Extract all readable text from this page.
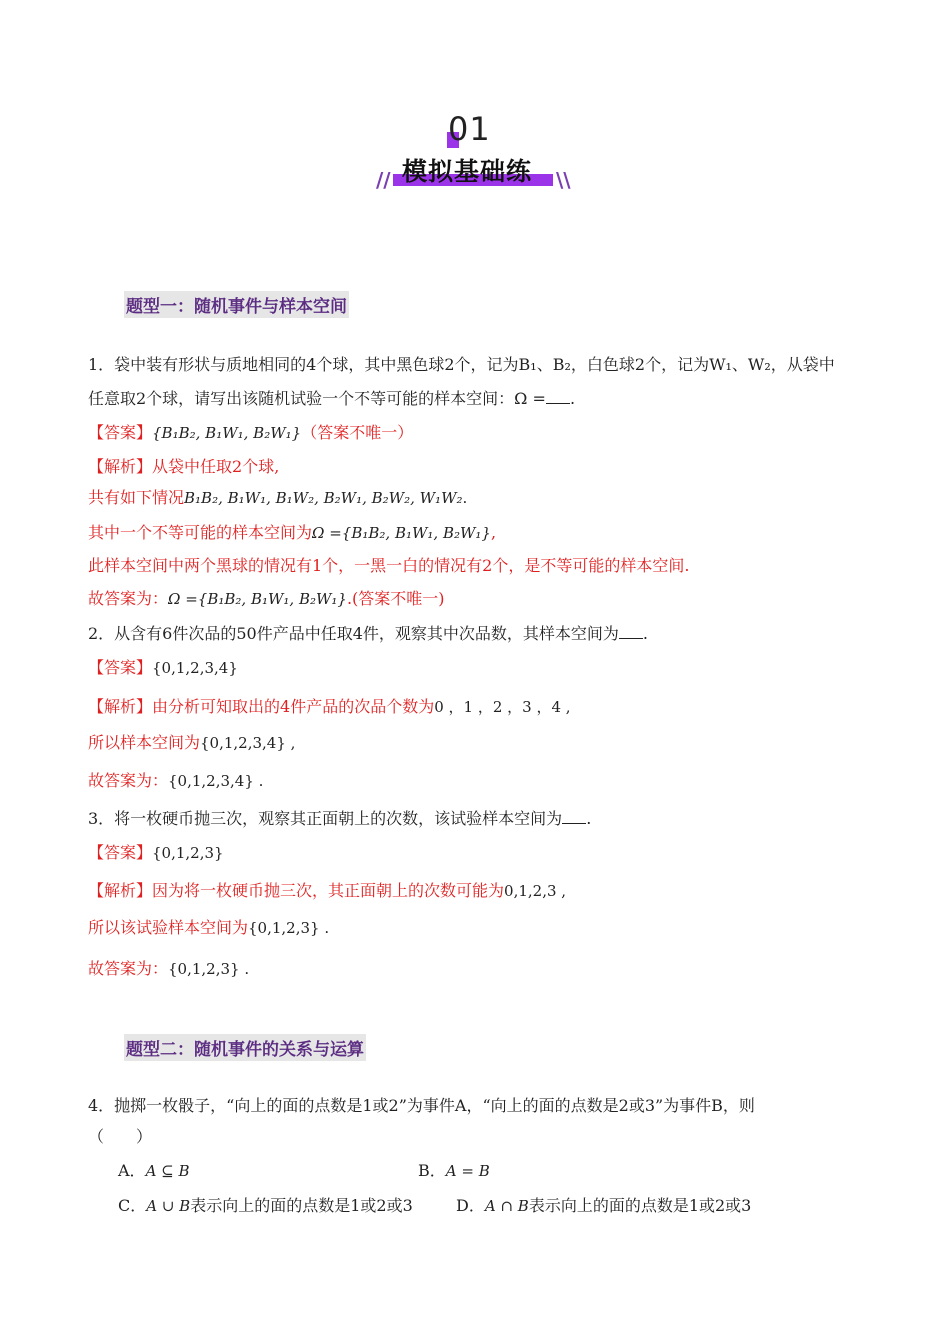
01
模拟基础练
//	\\
题型一：随机事件与样本空间
1．袋中装有形状与质地相同的4个球，其中黑色球2个，记为B₁、B₂，白色球2个，记为W₁、W₂，从袋中
任意取2个球，请写出该随机试验一个不等可能的样本空间：Ω = .
【答案】{B₁B₂, B₁W₁, B₂W₁}（答案不唯一）
【解析】从袋中任取2个球,
共有如下情况B₁B₂, B₁W₁, B₁W₂, B₂W₁, B₂W₂, W₁W₂.
其中一个不等可能的样本空间为Ω ={B₁B₂, B₁W₁, B₂W₁},
此样本空间中两个黑球的情况有1个，一黑一白的情况有2个，是不等可能的样本空间.
故答案为：Ω ={B₁B₂, B₁W₁, B₂W₁}.(答案不唯一)
2．从含有6件次品的50件产品中任取4件，观察其中次品数，其样本空间为 .
【答案】{0,1,2,3,4}
【解析】由分析可知取出的4件产品的次品个数为0 ，1 ，2 ，3 ，4 ,
所以样本空间为{0,1,2,3,4} ,
故答案为：{0,1,2,3,4} .
3．将一枚硬币抛三次，观察其正面朝上的次数，该试验样本空间为 .
【答案】{0,1,2,3}
【解析】因为将一枚硬币抛三次，其正面朝上的次数可能为0,1,2,3 ,
所以该试验样本空间为{0,1,2,3} .
故答案为：{0,1,2,3} .
题型二：随机事件的关系与运算
4．抛掷一枚骰子，“向上的面的点数是1或2”为事件A，“向上的面的点数是2或3”为事件B，则
（　　）
A．A ⊆ B	B．A = B
C．A ∪ B表示向上的面的点数是1或2或3	D．A ∩ B表示向上的面的点数是1或2或3
